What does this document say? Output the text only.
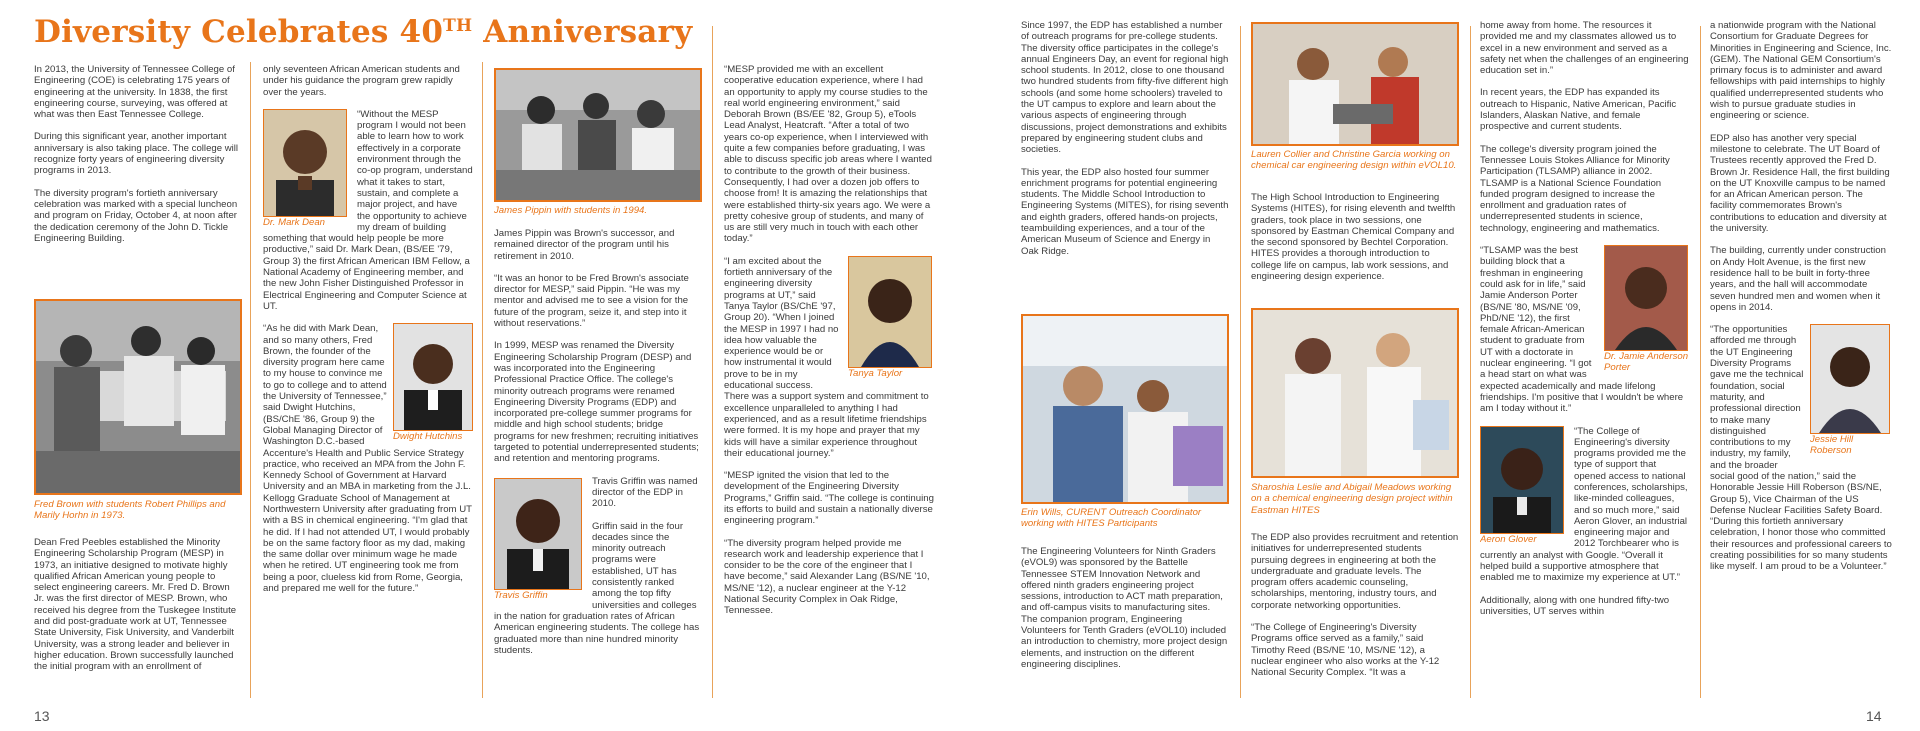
Diversity Celebrates 40TH Anniversary

In 2013, the University of Tennessee College of Engineering (COE) is celebrating 175 years of engineering at the university. In 1838, the first engineering course, surveying, was offered at what was then East Tennessee College.

During this significant year, another important anniversary is also taking place. The college will recognize forty years of engineering diversity programs in 2013.

The diversity program's fortieth anniversary celebration was marked with a special luncheon and program on Friday, October 4, at noon after the dedication ceremony of the John D. Tickle Engineering Building.

Fred Brown with students Robert Phillips and Marily Horhn in 1973.

Dean Fred Peebles established the Minority Engineering Scholarship Program (MESP) in 1973, an initiative designed to motivate highly qualified African American young people to select engineering careers. Mr. Fred D. Brown Jr. was the first director of MESP. Brown, who received his degree from the Tuskegee Institute and did post-graduate work at UT, Tennessee State University, Fisk University, and Vanderbilt University, was a strong leader and believer in higher education. Brown successfully launched the initial program with an enrollment of

only seventeen African American students and under his guidance the program grew rapidly over the years.

Dr. Mark Dean

“Without the MESP program I would not been able to learn how to work effectively in a corporate environment through the co-op program, understand what it takes to start, sustain, and complete a major project, and have the opportunity to achieve my dream of building something that would help people be more productive,” said Dr. Mark Dean, (BS/EE '79, Group 3) the first African American IBM Fellow, a National Academy of Engineering member, and the new John Fisher Distinguished Professor in Electrical Engineering and Computer Science at UT.

Dwight Hutchins

“As he did with Mark Dean, and so many others, Fred Brown, the founder of the diversity program here came to my house to convince me to go to college and to attend the University of Tennessee,” said Dwight Hutchins, (BS/ChE '86, Group 9) the Global Managing Director of Washington D.C.-based Accenture's Health and Public Service Strategy practice, who received an MPA from the John F. Kennedy School of Government at Harvard University and an MBA in marketing from the J.L. Kellogg Graduate School of Management at Northwestern University after graduating from UT with a BS in chemical engineering. “I'm glad that he did. If I had not attended UT, I would probably be on the same factory floor as my dad, making the same dollar over minimum wage he made when he retired. UT engineering took me from being a poor, clueless kid from Rome, Georgia, and prepared me well for the future.”

James Pippin with students in 1994.

James Pippin was Brown's successor, and remained director of the program until his retirement in 2010.

“It was an honor to be Fred Brown's associate director for MESP,” said Pippin. “He was my mentor and advised me to see a vision for the future of the program, seize it, and step into it without reservations.”

In 1999, MESP was renamed the Diversity Engineering Scholarship Program (DESP) and was incorporated into the Engineering Professional Practice Office. The college's minority outreach programs were renamed Engineering Diversity Programs (EDP) and incorporated pre-college summer programs for middle and high school students; bridge programs for new freshmen; recruiting initiatives targeted to potential underrepresented students; and retention and mentoring programs.

Travis Griffin

Travis Griffin was named director of the EDP in 2010.

Griffin said in the four decades since the minority outreach programs were established, UT has consistently ranked among the top fifty universities and colleges in the nation for graduation rates of African American engineering students. The college has graduated more than nine hundred minority students.

“MESP provided me with an excellent cooperative education experience, where I had an opportunity to apply my course studies to the real world engineering environment,” said Deborah Brown (BS/EE '82, Group 5), eTools Lead Analyst, Heatcraft. “After a total of two years co-op experience, when I interviewed with quite a few companies before graduating, I was able to discuss specific job areas where I wanted to contribute to the growth of their business. Consequently, I had over a dozen job offers to choose from! It is amazing the relationships that were established thirty-six years ago. We were a pretty cohesive group of students, and many of us are still very much in touch with each other today.”

Tanya Taylor

“I am excited about the fortieth anniversary of the engineering diversity programs at UT,” said Tanya Taylor (BS/ChE '97, Group 20). “When I joined the MESP in 1997 I had no idea how valuable the experience would be or how instrumental it would prove to be in my educational success. There was a support system and commitment to excellence unparalleled to anything I had experienced, and as a result lifetime friendships were formed. It is my hope and prayer that my kids will have a similar experience throughout their educational journey.”

“MESP ignited the vision that led to the development of the Engineering Diversity Programs,” Griffin said. “The college is continuing its efforts to build and sustain a nationally diverse engineering program.”

“The diversity program helped provide me research work and leadership experience that I consider to be the core of the engineer that I have become,” said Alexander Lang (BS/NE '10, MS/NE '12), a nuclear engineer at the Y-12 National Security Complex in Oak Ridge, Tennessee.

Since 1997, the EDP has established a number of outreach programs for pre-college students. The diversity office participates in the college's annual Engineers Day, an event for regional high school students. In 2012, close to one thousand two hundred students from fifty-five different high schools (and some home schoolers) traveled to the UT campus to explore and learn about the various aspects of engineering through discussions, project demonstrations and exhibits prepared by engineering student clubs and societies.

This year, the EDP also hosted four summer enrichment programs for potential engineering students. The Middle School Introduction to Engineering Systems (MITES), for rising seventh and eighth graders, offered hands-on projects, teambuilding experiences, and a tour of the American Museum of Science and Energy in Oak Ridge.

Erin Wills, CURENT Outreach Coordinator working with HITES Participants

The Engineering Volunteers for Ninth Graders (eVOL9) was sponsored by the Battelle Tennessee STEM Innovation Network and offered ninth graders engineering project sessions, introduction to ACT math preparation, and off-campus visits to manufacturing sites. The companion program, Engineering Volunteers for Tenth Graders (eVOL10) included an introduction to chemistry, more project design elements, and instruction on the different engineering disciplines.

Lauren Collier and Christine Garcia working on chemical car engineering design within eVOL10.

The High School Introduction to Engineering Systems (HITES), for rising eleventh and twelfth graders, took place in two sessions, one sponsored by Eastman Chemical Company and the second sponsored by Bechtel Corporation. HITES provides a thorough introduction to college life on campus, lab work sessions, and engineering design experience.

Sharoshia Leslie and Abigail Meadows working on a chemical engineering design project within Eastman HITES

The EDP also provides recruitment and retention initiatives for underrepresented students pursuing degrees in engineering at both the undergraduate and graduate levels. The program offers academic counseling, scholarships, mentoring, industry tours, and corporate networking opportunities.

“The College of Engineering's Diversity Programs office served as a family,” said Timothy Reed (BS/NE '10, MS/NE '12), a nuclear engineer who also works at the Y-12 National Security Complex. “It was a

home away from home. The resources it provided me and my classmates allowed us to excel in a new environment and served as a safety net when the challenges of an engineering education set in.”

In recent years, the EDP has expanded its outreach to Hispanic, Native American, Pacific Islanders, Alaskan Native, and female prospective and current students.

The college's diversity program joined the Tennessee Louis Stokes Alliance for Minority Participation (TLSAMP) alliance in 2002. TLSAMP is a National Science Foundation funded program designed to increase the enrollment and graduation rates of underrepresented students in science, technology, engineering and mathematics.

Dr. Jamie Anderson Porter

“TLSAMP was the best building block that a freshman in engineering could ask for in life,” said Jamie Anderson Porter (BS/NE '80, MS/NE '09, PhD/NE '12), the first female African-American student to graduate from UT with a doctorate in nuclear engineering. “I got a head start on what was expected academically and made lifelong friendships. I'm positive that I wouldn't be where am I today without it.”

Aeron Glover

“The College of Engineering's diversity programs provided me the type of support that opened access to national conferences, scholarships, like-minded colleagues, and so much more,” said Aeron Glover, an industrial engineering major and 2012 Torchbearer who is currently an analyst with Google. “Overall it helped build a supportive atmosphere that enabled me to maximize my experience at UT.”

Additionally, along with one hundred fifty-two universities, UT serves within

a nationwide program with the National Consortium for Graduate Degrees for Minorities in Engineering and Science, Inc. (GEM). The National GEM Consortium's primary focus is to administer and award fellowships with paid internships to highly qualified underrepresented students who wish to pursue graduate studies in engineering or science.

EDP also has another very special milestone to celebrate. The UT Board of Trustees recently approved the Fred D. Brown Jr. Residence Hall, the first building on the UT Knoxville campus to be named for an African American person. The facility commemorates Brown's contributions to education and diversity at the university.

The building, currently under construction on Andy Holt Avenue, is the first new residence hall to be built in forty-three years, and the hall will accommodate seven hundred men and women when it opens in 2014.

Jessie Hill Roberson

“The opportunities afforded me through the UT Engineering Diversity Programs gave me the technical foundation, social maturity, and professional direction to make many distinguished contributions to my industry, my family, and the broader social good of the nation,” said the Honorable Jessie Hill Roberson (BS/NE, Group 5), Vice Chairman of the US Defense Nuclear Facilities Safety Board. “During this fortieth anniversary celebration, I honor those who committed their resources and professional careers to creating possibilities for so many students like myself. I am proud to be a Volunteer.”

13	14
